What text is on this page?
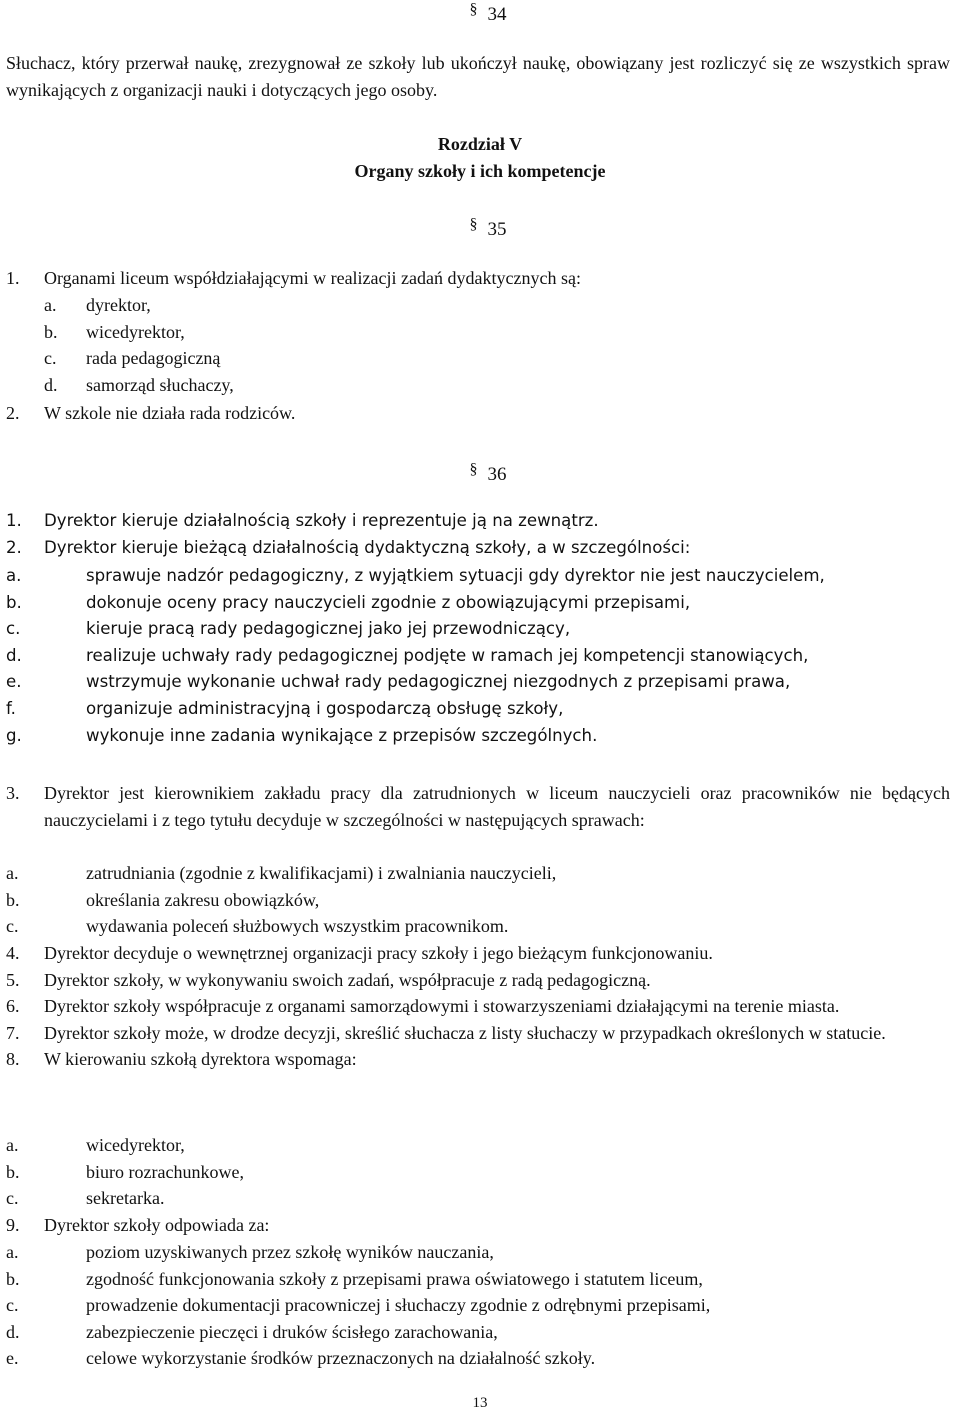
§ 34

Słuchacz, który przerwał naukę, zrezygnował ze szkoły lub ukończył naukę, obowiązany jest rozliczyć się ze wszystkich spraw wynikających z organizacji nauki i dotyczących jego osoby.

Rozdział V

Organy szkoły i ich kompetencje

§ 35
1. Organami liceum współdziałającymi w realizacji zadań dydaktycznych są:
a. dyrektor,
b. wicedyrektor,
c. rada pedagogiczną
d. samorząd słuchaczy,
2. W szkole nie działa rada rodziców.
§ 36
1. Dyrektor kieruje działalnością szkoły i reprezentuje ją na zewnątrz.
2. Dyrektor kieruje bieżącą działalnością dydaktyczną szkoły, a w szczególności:
a.	sprawuje nadzór pedagogiczny, z wyjątkiem sytuacji gdy dyrektor nie jest nauczycielem,
b.	dokonuje oceny pracy nauczycieli zgodnie z obowiązującymi przepisami,
c.	kieruje pracą rady pedagogicznej jako jej przewodniczący,
d.	realizuje uchwały rady pedagogicznej podjęte w ramach jej kompetencji stanowiących,
e.	wstrzymuje wykonanie uchwał rady pedagogicznej niezgodnych z przepisami prawa,
f.	organizuje administracyjną i gospodarczą obsługę szkoły,
g.	wykonuje inne zadania wynikające z przepisów szczególnych.
3. Dyrektor jest kierownikiem zakładu pracy dla zatrudnionych w liceum nauczycieli oraz pracowników nie będących nauczycielami i z tego tytułu decyduje w szczególności w następujących sprawach:
a.	zatrudniania (zgodnie z kwalifikacjami) i zwalniania nauczycieli,
b.	określania zakresu obowiązków,
c.	wydawania poleceń służbowych wszystkim pracownikom.
4. Dyrektor decyduje o wewnętrznej organizacji pracy szkoły i jego bieżącym funkcjonowaniu.
5. Dyrektor szkoły, w wykonywaniu swoich zadań, współpracuje z radą pedagogiczną.
6. Dyrektor szkoły współpracuje z organami samorządowymi i stowarzyszeniami działającymi na terenie miasta.
7. Dyrektor szkoły może, w drodze decyzji, skreślić słuchacza z listy słuchaczy w przypadkach określonych w statucie.
8. W kierowaniu szkołą dyrektora wspomaga:
a.	wicedyrektor,
b.	biuro rozrachunkowe,
c.	sekretarka.
9. Dyrektor szkoły odpowiada za:
a.	poziom uzyskiwanych przez szkołę wyników nauczania,
b.	zgodność funkcjonowania szkoły z przepisami prawa oświatowego i statutem liceum,
c.	prowadzenie dokumentacji pracowniczej i słuchaczy zgodnie z odrębnymi przepisami,
d.	zabezpieczenie pieczęci i druków ścisłego zarachowania,
e.	celowe wykorzystanie środków przeznaczonych na działalność szkoły.
13
